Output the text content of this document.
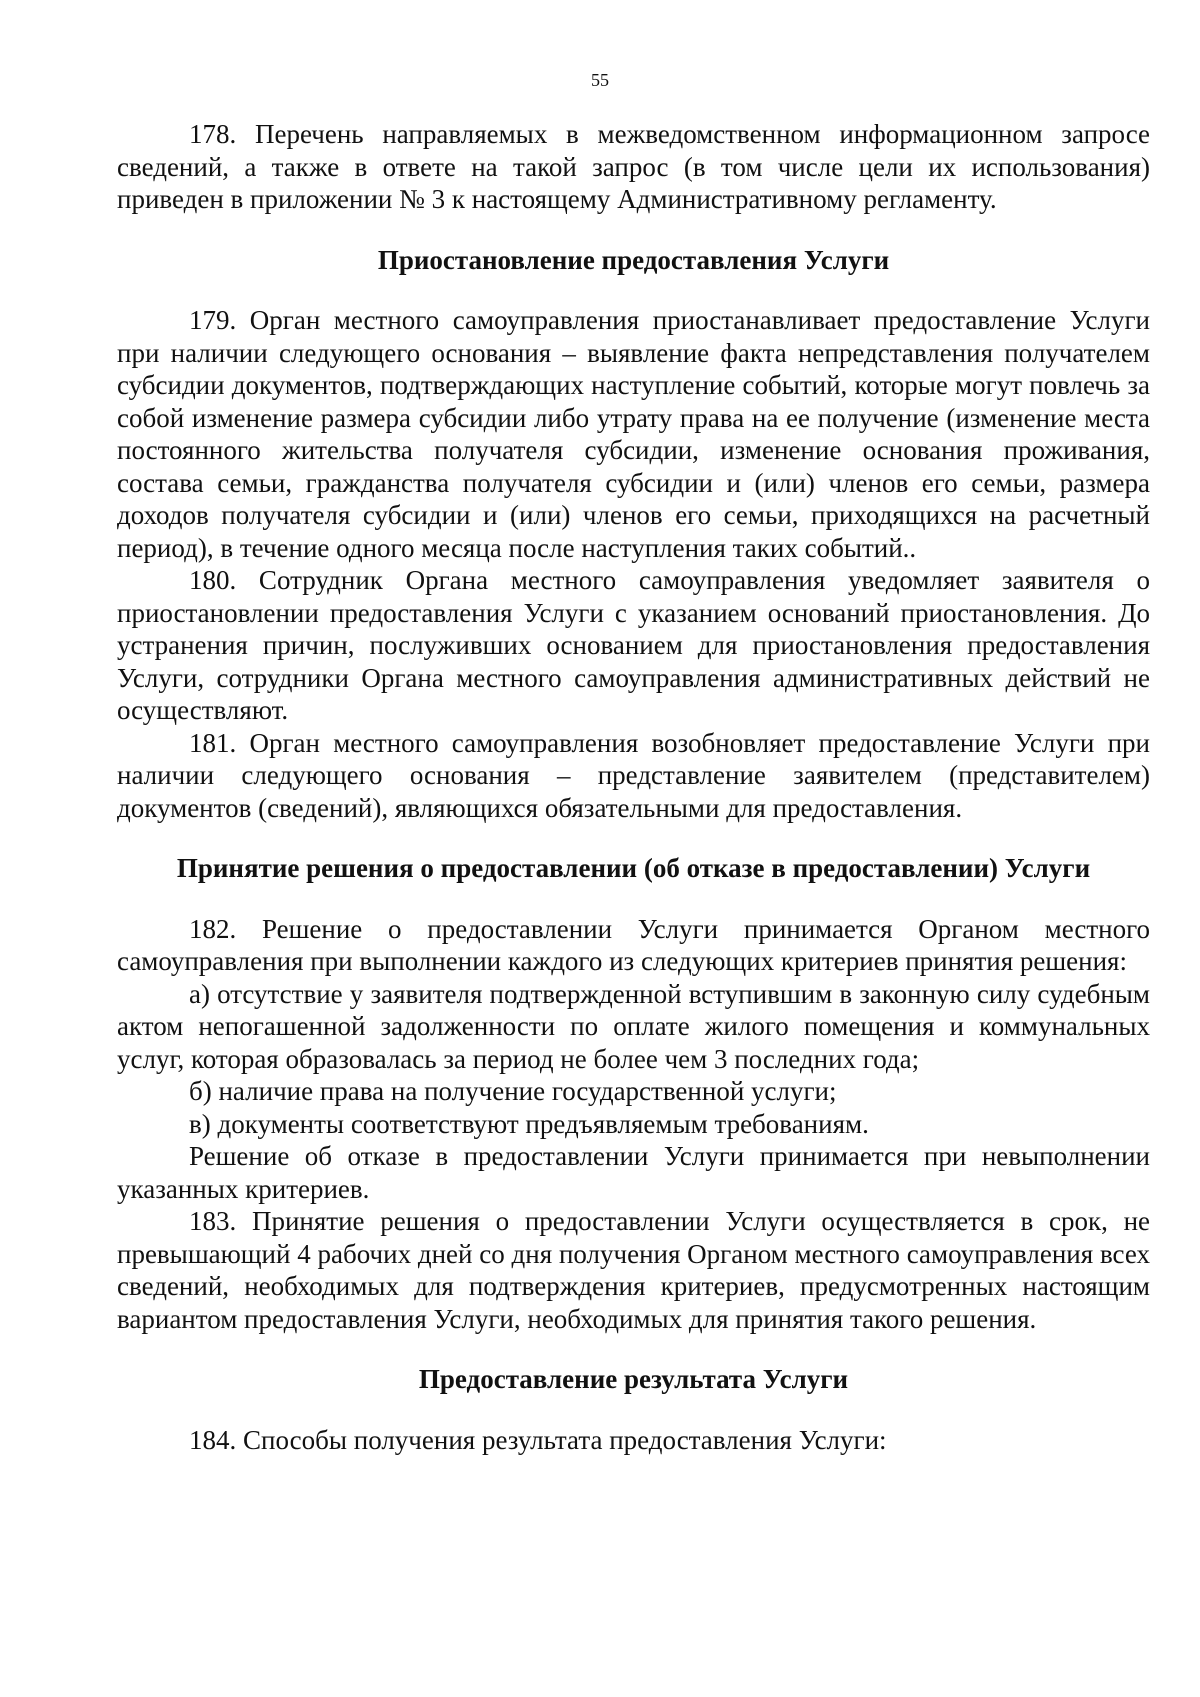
55

178. Перечень направляемых в межведомственном информационном запросе сведений, а также в ответе на такой запрос (в том числе цели их использования) приведен в приложении № 3 к настоящему Административному регламенту.

Приостановление предоставления Услуги

179. Орган местного самоуправления приостанавливает предоставление Услуги при наличии следующего основания – выявление факта непредставления получателем субсидии документов, подтверждающих наступление событий, которые могут повлечь за собой изменение размера субсидии либо утрату права на ее получение (изменение места постоянного жительства получателя субсидии, изменение основания проживания, состава семьи, гражданства получателя субсидии и (или) членов его семьи, размера доходов получателя субсидии и (или) членов его семьи, приходящихся на расчетный период), в течение одного месяца после наступления таких событий..

180. Сотрудник Органа местного самоуправления уведомляет заявителя о приостановлении предоставления Услуги с указанием оснований приостановления. До устранения причин, послуживших основанием для приостановления предоставления Услуги, сотрудники Органа местного самоуправления административных действий не осуществляют.

181. Орган местного самоуправления возобновляет предоставление Услуги при наличии следующего основания – представление заявителем (представителем) документов (сведений), являющихся обязательными для предоставления.

Принятие решения о предоставлении (об отказе в предоставлении) Услуги

182. Решение о предоставлении Услуги принимается Органом местного самоуправления при выполнении каждого из следующих критериев принятия решения:

а) отсутствие у заявителя подтвержденной вступившим в законную силу судебным актом непогашенной задолженности по оплате жилого помещения и коммунальных услуг, которая образовалась за период не более чем 3 последних года;

б) наличие права на получение государственной услуги;

в) документы соответствуют предъявляемым требованиям.

Решение об отказе в предоставлении Услуги принимается при невыполнении указанных критериев.

183. Принятие решения о предоставлении Услуги осуществляется в срок, не превышающий 4 рабочих дней со дня получения Органом местного самоуправления всех сведений, необходимых для подтверждения критериев, предусмотренных настоящим вариантом предоставления Услуги, необходимых для принятия такого решения.

Предоставление результата Услуги

184. Способы получения результата предоставления Услуги:
